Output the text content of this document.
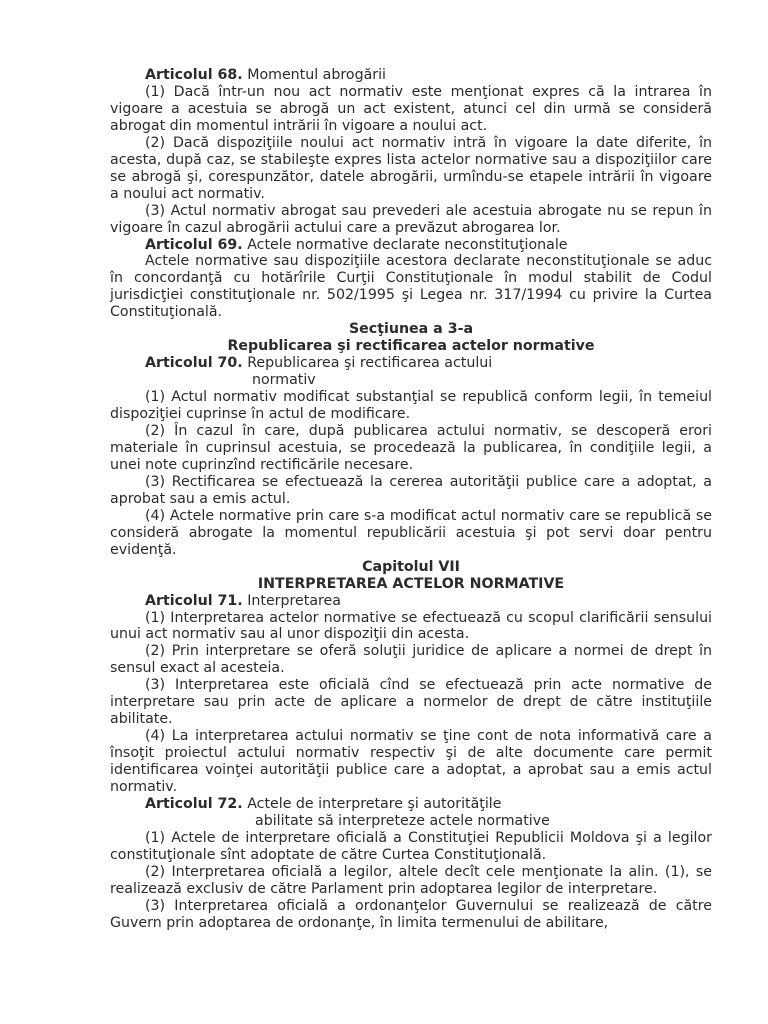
Articolul 68. Momentul abrogării

(1) Dacă într-un nou act normativ este menţionat expres că la intrarea în vigoare a acestuia se abrogă un act existent, atunci cel din urmă se consideră abrogat din momentul intrării în vigoare a noului act.

(2) Dacă dispoziţiile noului act normativ intră în vigoare la date diferite, în acesta, după caz, se stabileşte expres lista actelor normative sau a dispoziţiilor care se abrogă şi, corespunzător, datele abrogării, urmîndu-se etapele intrării în vigoare a noului act normativ.

(3) Actul normativ abrogat sau prevederi ale acestuia abrogate nu se repun în vigoare în cazul abrogării actului care a prevăzut abrogarea lor.

Articolul 69. Actele normative declarate neconstituţionale

Actele normative sau dispoziţiile acestora declarate neconstituţionale se aduc în concordanţă cu hotărîrile Curţii Constituţionale în modul stabilit de Codul jurisdicţiei constituţionale nr. 502/1995 şi Legea nr. 317/1994 cu privire la Curtea Constituţională.

Secţiunea a 3-a
Republicarea şi rectificarea actelor normative
Articolul 70. Republicarea şi rectificarea actului
normativ

(1) Actul normativ modificat substanţial se republică conform legii, în temeiul dispoziţiei cuprinse în actul de modificare.

(2) În cazul în care, după publicarea actului normativ, se descoperă erori materiale în cuprinsul acestuia, se procedează la publicarea, în condiţiile legii, a unei note cuprinzînd rectificările necesare.

(3) Rectificarea se efectuează la cererea autorităţii publice care a adoptat, a aprobat sau a emis actul.

(4) Actele normative prin care s-a modificat actul normativ care se republică se consideră abrogate la momentul republicării acestuia şi pot servi doar pentru evidenţă.

Capitolul VII
INTERPRETAREA ACTELOR NORMATIVE
Articolul 71. Interpretarea

(1) Interpretarea actelor normative se efectuează cu scopul clarificării sensului unui act normativ sau al unor dispoziţii din acesta.

(2) Prin interpretare se oferă soluţii juridice de aplicare a normei de drept în sensul exact al acesteia.

(3) Interpretarea este oficială cînd se efectuează prin acte normative de interpretare sau prin acte de aplicare a normelor de drept de către instituţiile abilitate.

(4) La interpretarea actului normativ se ţine cont de nota informativă care a însoţit proiectul actului normativ respectiv şi de alte documente care permit identificarea voinţei autorităţii publice care a adoptat, a aprobat sau a emis actul normativ.

Articolul 72. Actele de interpretare şi autorităţile
abilitate să interpreteze actele normative

(1) Actele de interpretare oficială a Constituţiei Republicii Moldova şi a legilor constituţionale sînt adoptate de către Curtea Constituţională.

(2) Interpretarea oficială a legilor, altele decît cele menţionate la alin. (1), se realizează exclusiv de către Parlament prin adoptarea legilor de interpretare.

(3) Interpretarea oficială a ordonanţelor Guvernului se realizează de către Guvern prin adoptarea de ordonanţe, în limita termenului de abilitare,
